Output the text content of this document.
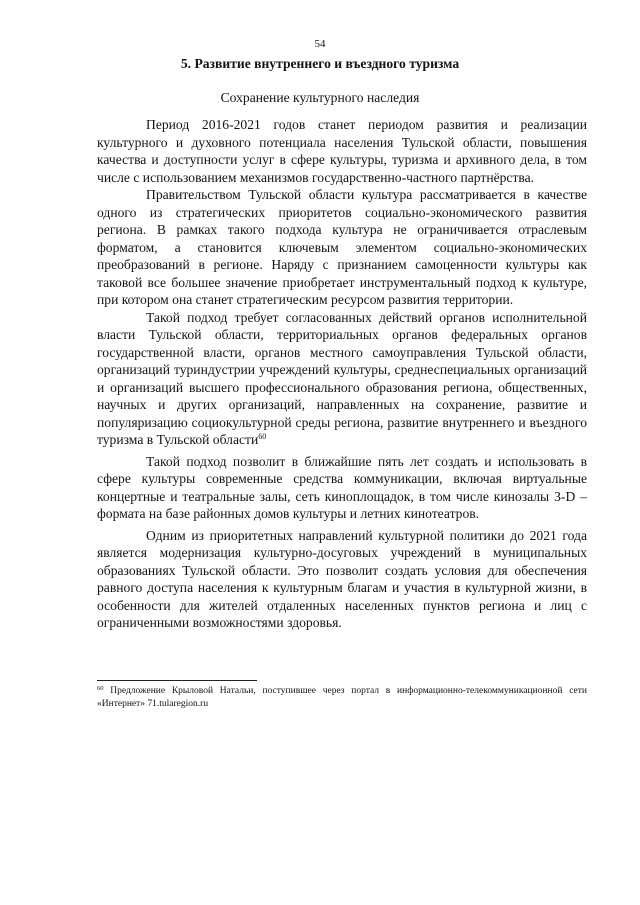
54
5. Развитие внутреннего и въездного туризма
Сохранение культурного наследия

Период 2016-2021 годов станет периодом развития и реализации культурного и духовного потенциала населения Тульской области, повышения качества и доступности услуг в сфере культуры, туризма и архивного дела, в том числе с использованием механизмов государственно-частного партнёрства.

Правительством Тульской области культура рассматривается в качестве одного из стратегических приоритетов социально-экономического развития региона. В рамках такого подхода культура не ограничивается отраслевым форматом, а становится ключевым элементом социально-экономических преобразований в регионе. Наряду с признанием самоценности культуры как таковой все большее значение приобретает инструментальный подход к культуре, при котором она станет стратегическим ресурсом развития территории.

Такой подход требует согласованных действий органов исполнительной власти Тульской области, территориальных органов федеральных органов государственной власти, органов местного самоуправления Тульской области, организаций туриндустрии учреждений культуры, среднеспециальных организаций и организаций высшего профессионального образования региона, общественных, научных и других организаций, направленных на сохранение, развитие и популяризацию социокультурной среды региона, развитие внутреннего и въездного туризма в Тульской области$^{60}$

Такой подход позволит в ближайшие пять лет создать и использовать в сфере культуры современные средства коммуникации, включая виртуальные концертные и театральные залы, сеть киноплощадок, в том числе кинозалы 3-D – формата на базе районных домов культуры и летних кинотеатров.

Одним из приоритетных направлений культурной политики до 2021 года является модернизация культурно-досуговых учреждений в муниципальных образованиях Тульской области. Это позволит создать условия для обеспечения равного доступа населения к культурным благам и участия в культурной жизни, в особенности для жителей отдаленных населенных пунктов региона и лиц с ограниченными возможностями здоровья.

$^{60}$ Предложение Крыловой Натальи, поступившее через портал в информационно-телекоммуникационной сети «Интернет» 71.tularegion.ru
